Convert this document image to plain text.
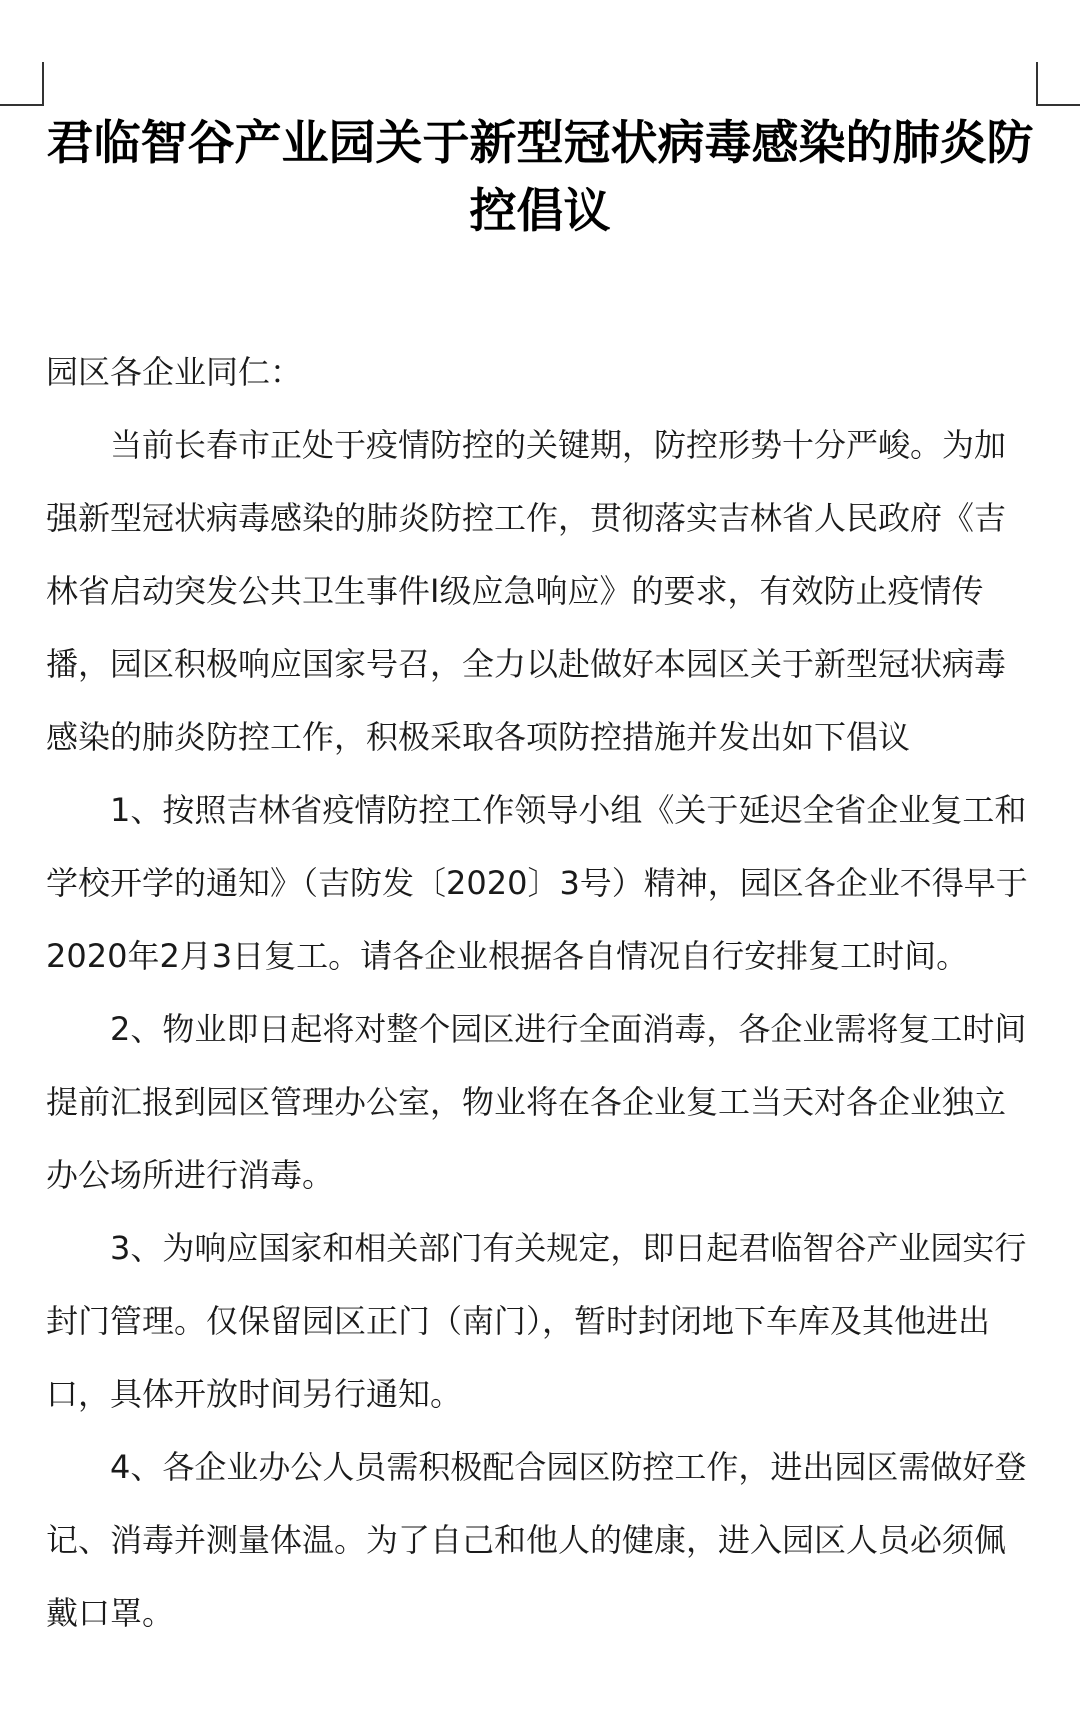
君临智谷产业园关于新型冠状病毒感染的肺炎防控倡议

园区各企业同仁：

当前长春市正处于疫情防控的关键期，防控形势十分严峻。为加强新型冠状病毒感染的肺炎防控工作，贯彻落实吉林省人民政府《吉林省启动突发公共卫生事件I级应急响应》的要求，有效防止疫情传播，园区积极响应国家号召，全力以赴做好本园区关于新型冠状病毒感染的肺炎防控工作，积极采取各项防控措施并发出如下倡议

1、按照吉林省疫情防控工作领导小组《关于延迟全省企业复工和学校开学的通知》（吉防发〔2020〕3号）精神，园区各企业不得早于2020年2月3日复工。请各企业根据各自情况自行安排复工时间。

2、物业即日起将对整个园区进行全面消毒，各企业需将复工时间提前汇报到园区管理办公室，物业将在各企业复工当天对各企业独立办公场所进行消毒。

3、为响应国家和相关部门有关规定，即日起君临智谷产业园实行封门管理。仅保留园区正门（南门），暂时封闭地下车库及其他进出口，具体开放时间另行通知。

4、各企业办公人员需积极配合园区防控工作，进出园区需做好登记、消毒并测量体温。为了自己和他人的健康，进入园区人员必须佩戴口罩。
